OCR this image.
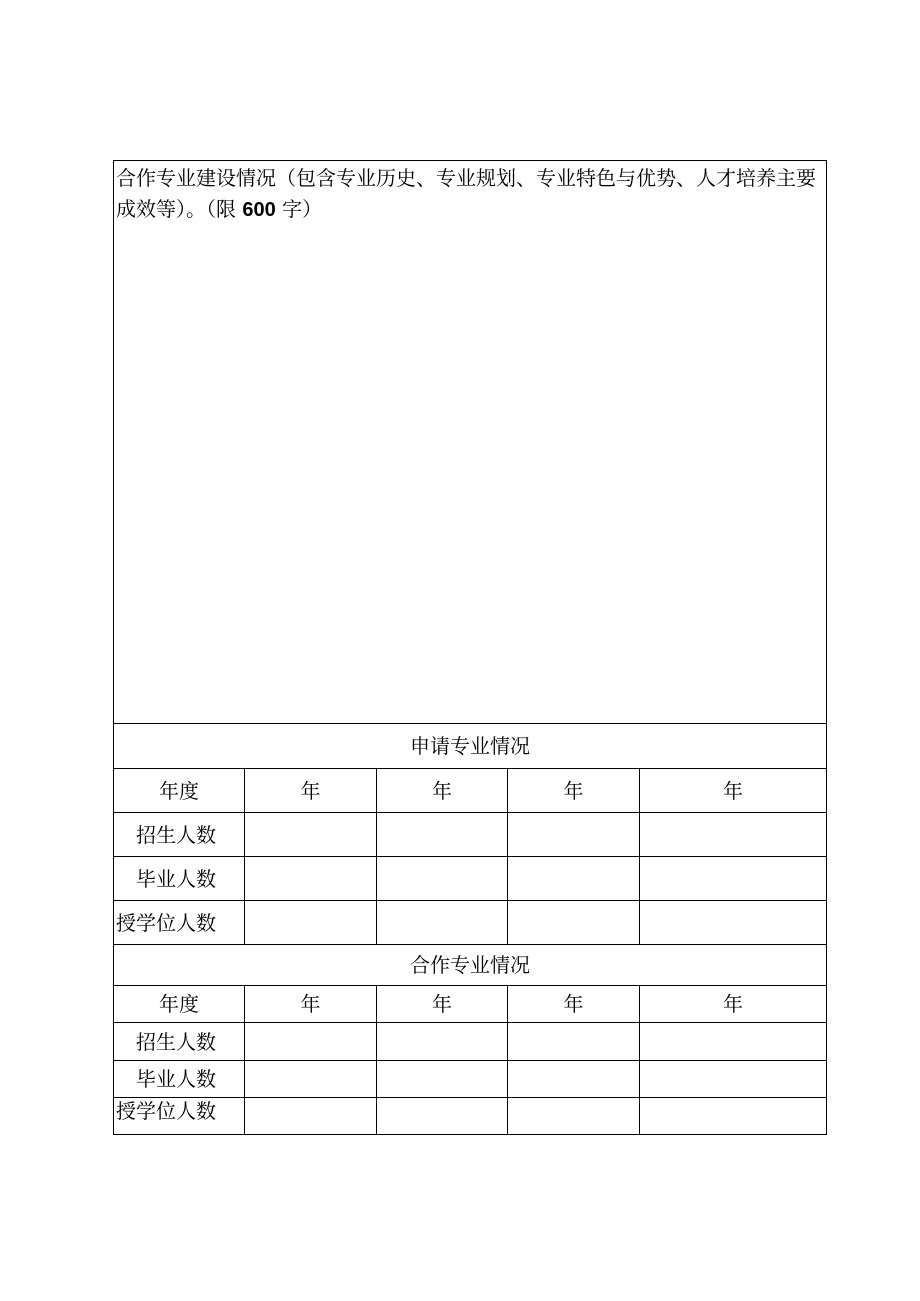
合作专业建设情况（包含专业历史、专业规划、专业特色与优势、人才培养主要成效等）。（限 600 字）				
申请专业情况				
年度	年	年	年	年
招生人数				
毕业人数				
授学位人数				
合作专业情况				
年度	年	年	年	年
招生人数				
毕业人数				
授学位人数				
